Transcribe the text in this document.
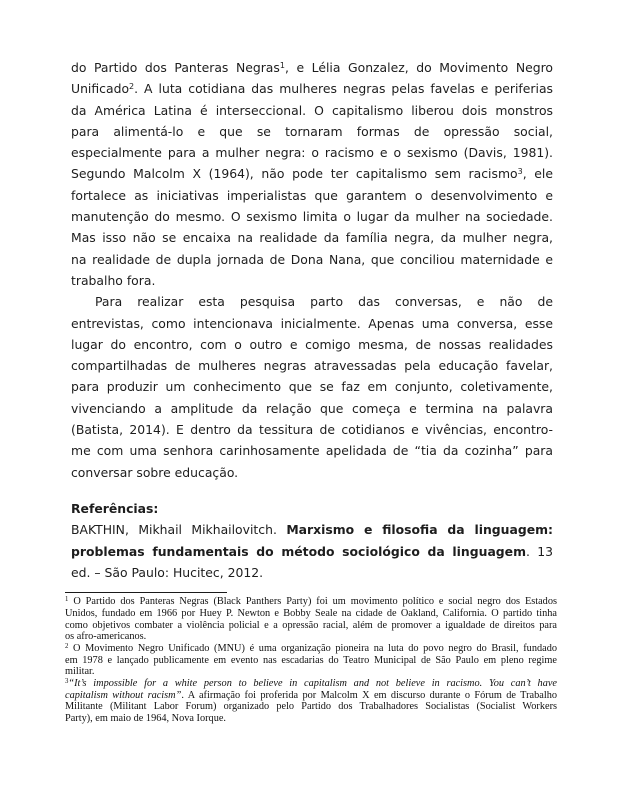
do Partido dos Panteras Negras$^1$, e Lélia Gonzalez, do Movimento Negro
Unificado$^2$. A luta cotidiana das mulheres negras pelas favelas e periferias
da América Latina é interseccional. O capitalismo liberou dois monstros
para alimentá-lo e que se tornaram formas de opressão social,
especialmente para a mulher negra: o racismo e o sexismo (Davis, 1981).
Segundo Malcolm X (1964), não pode ter capitalismo sem racismo$^3$, ele
fortalece as iniciativas imperialistas que garantem o desenvolvimento e
manutenção do mesmo. O sexismo limita o lugar da mulher na sociedade.
Mas isso não se encaixa na realidade da família negra, da mulher negra,
na realidade de dupla jornada de Dona Nana, que conciliou maternidade e
trabalho fora.
Para realizar esta pesquisa parto das conversas, e não de
entrevistas, como intencionava inicialmente. Apenas uma conversa, esse
lugar do encontro, com o outro e comigo mesma, de nossas realidades
compartilhadas de mulheres negras atravessadas pela educação favelar,
para produzir um conhecimento que se faz em conjunto, coletivamente,
vivenciando a amplitude da relação que começa e termina na palavra
(Batista, 2014). E dentro da tessitura de cotidianos e vivências, encontro-
me com uma senhora carinhosamente apelidada de “tia da cozinha” para
conversar sobre educação.
Referências:
BAKTHIN, Mikhail Mikhailovitch. Marxismo e filosofia da linguagem:
problemas fundamentais do método sociológico da linguagem. 13
ed. – São Paulo: Hucitec, 2012.
$^1$ O Partido dos Panteras Negras (Black Panthers Party) foi um movimento político e social negro dos Estados
Unidos, fundado em 1966 por Huey P. Newton e Bobby Seale na cidade de Oakland, California. O partido tinha
como objetivos combater a violência policial e a opressão racial, além de promover a igualdade de direitos para
os afro-americanos.
$^2$ O Movimento Negro Unificado (MNU) é uma organização pioneira na luta do povo negro do Brasil, fundado
em 1978 e lançado publicamente em evento nas escadarias do Teatro Municipal de São Paulo em pleno regime
militar.
$^3$“It’s impossible for a white person to believe in capitalism and not believe in racismo. You can’t have
capitalism without racism”. A afirmação foi proferida por Malcolm X em discurso durante o Fórum de Trabalho
Militante (Militant Labor Forum) organizado pelo Partido dos Trabalhadores Socialistas (Socialist Workers
Party), em maio de 1964, Nova Iorque.
